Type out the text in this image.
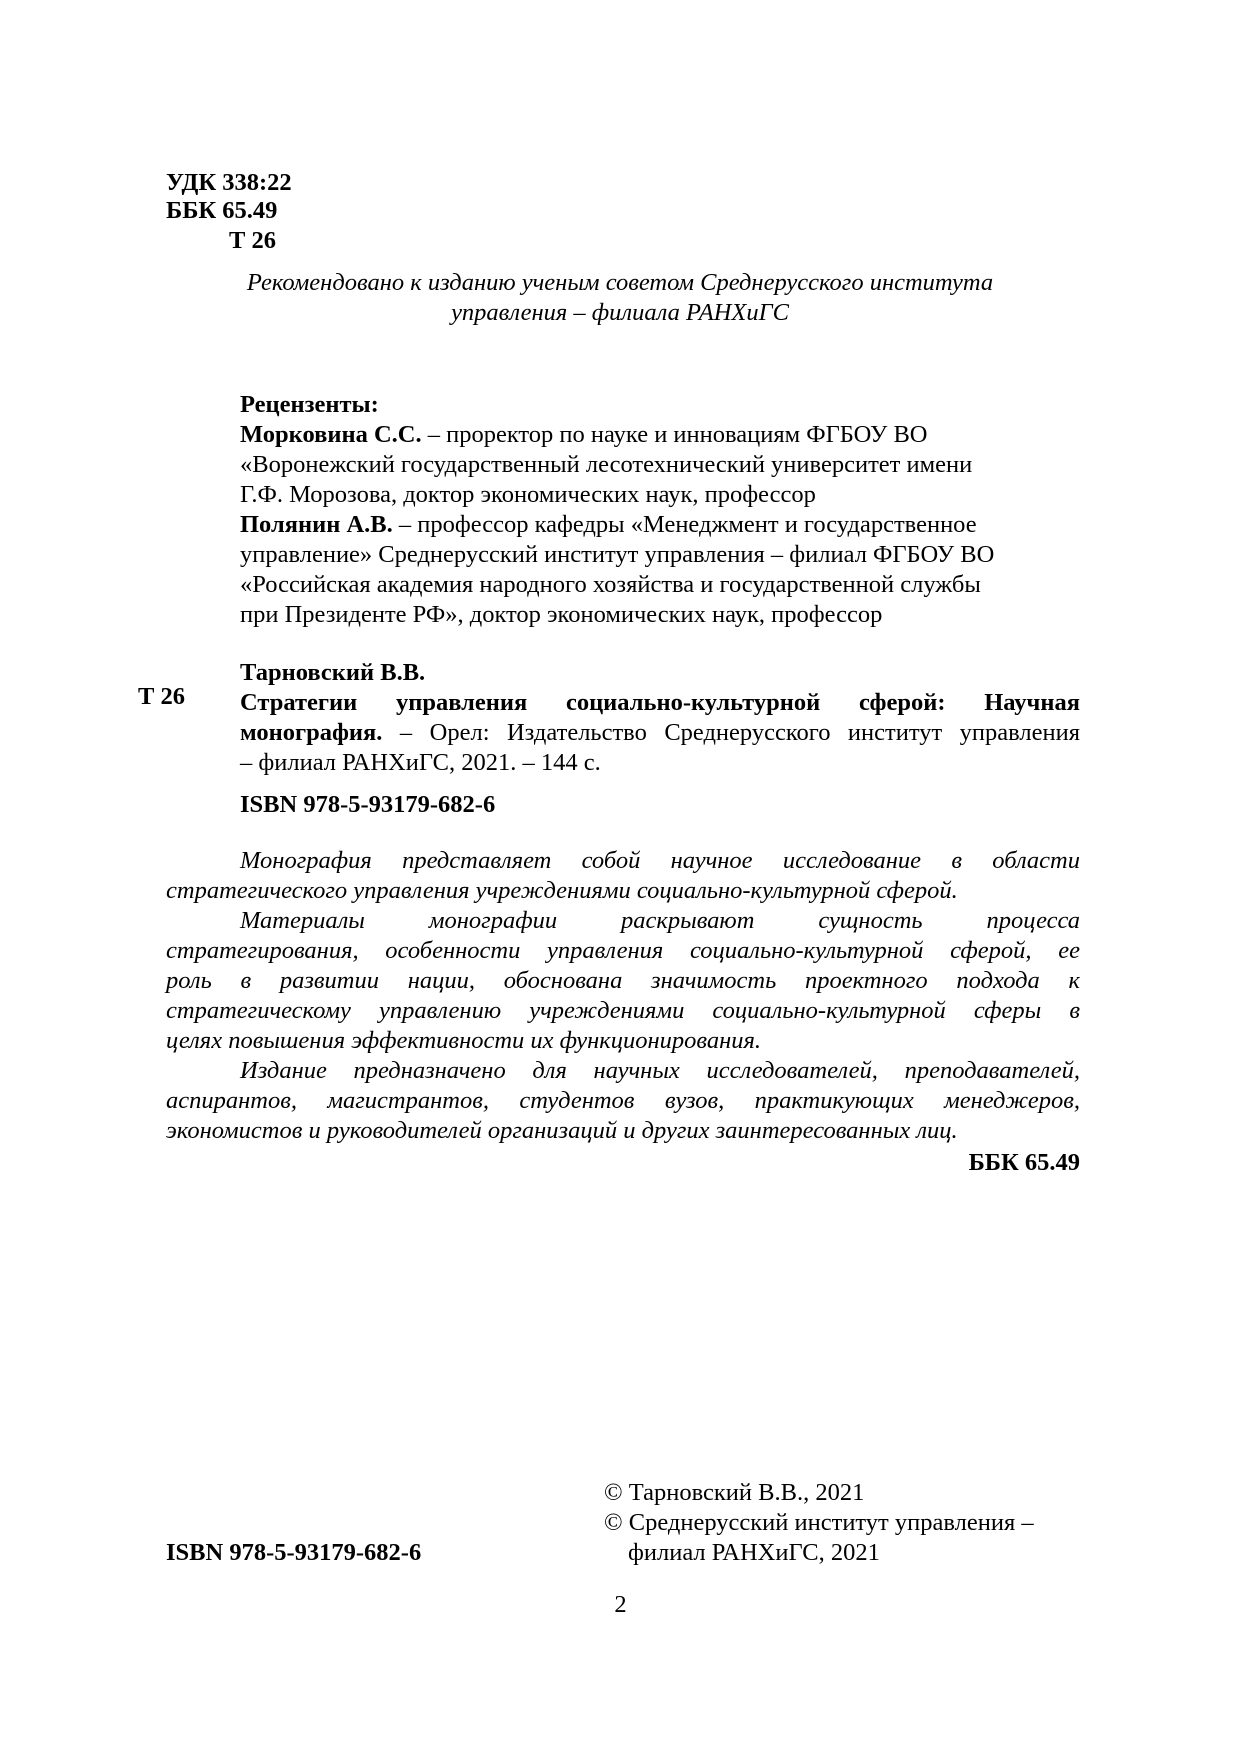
УДК 338:22
ББК 65.49
Т 26
Рекомендовано к изданию ученым советом Среднерусского института
управления – филиала РАНХиГС
Рецензенты:
Морковина С.С. – проректор по науке и инновациям ФГБОУ ВО
«Воронежский государственный лесотехнический университет имени
Г.Ф. Морозова, доктор экономических наук, профессор
Полянин А.В. – профессор кафедры «Менеджмент и государственное
управление» Среднерусский институт управления – филиал ФГБОУ ВО
«Российская академия народного хозяйства и государственной службы
при Президенте РФ», доктор экономических наук, профессор
Т 26
Тарновский В.В.
Стратегии управления социально-культурной сферой: Научная
монография. – Орел: Издательство Среднерусского институт управления
– филиал РАНХиГС, 2021. – 144 с.
ISBN 978-5-93179-682-6
Монография представляет собой научное исследование в области
стратегического управления учреждениями социально-культурной сферой.
Материалы монографии раскрывают сущность процесса
стратегирования, особенности управления социально-культурной сферой, ее
роль в развитии нации, обоснована значимость проектного подхода к
стратегическому управлению учреждениями социально-культурной сферы в
целях повышения эффективности их функционирования.
Издание предназначено для научных исследователей, преподавателей,
аспирантов, магистрантов, студентов вузов, практикующих менеджеров,
экономистов и руководителей организаций и других заинтересованных лиц.
ББК 65.49
© Тарновский В.В., 2021
© Среднерусский институт управления –
филиал РАНХиГС, 2021
ISBN 978-5-93179-682-6
2
